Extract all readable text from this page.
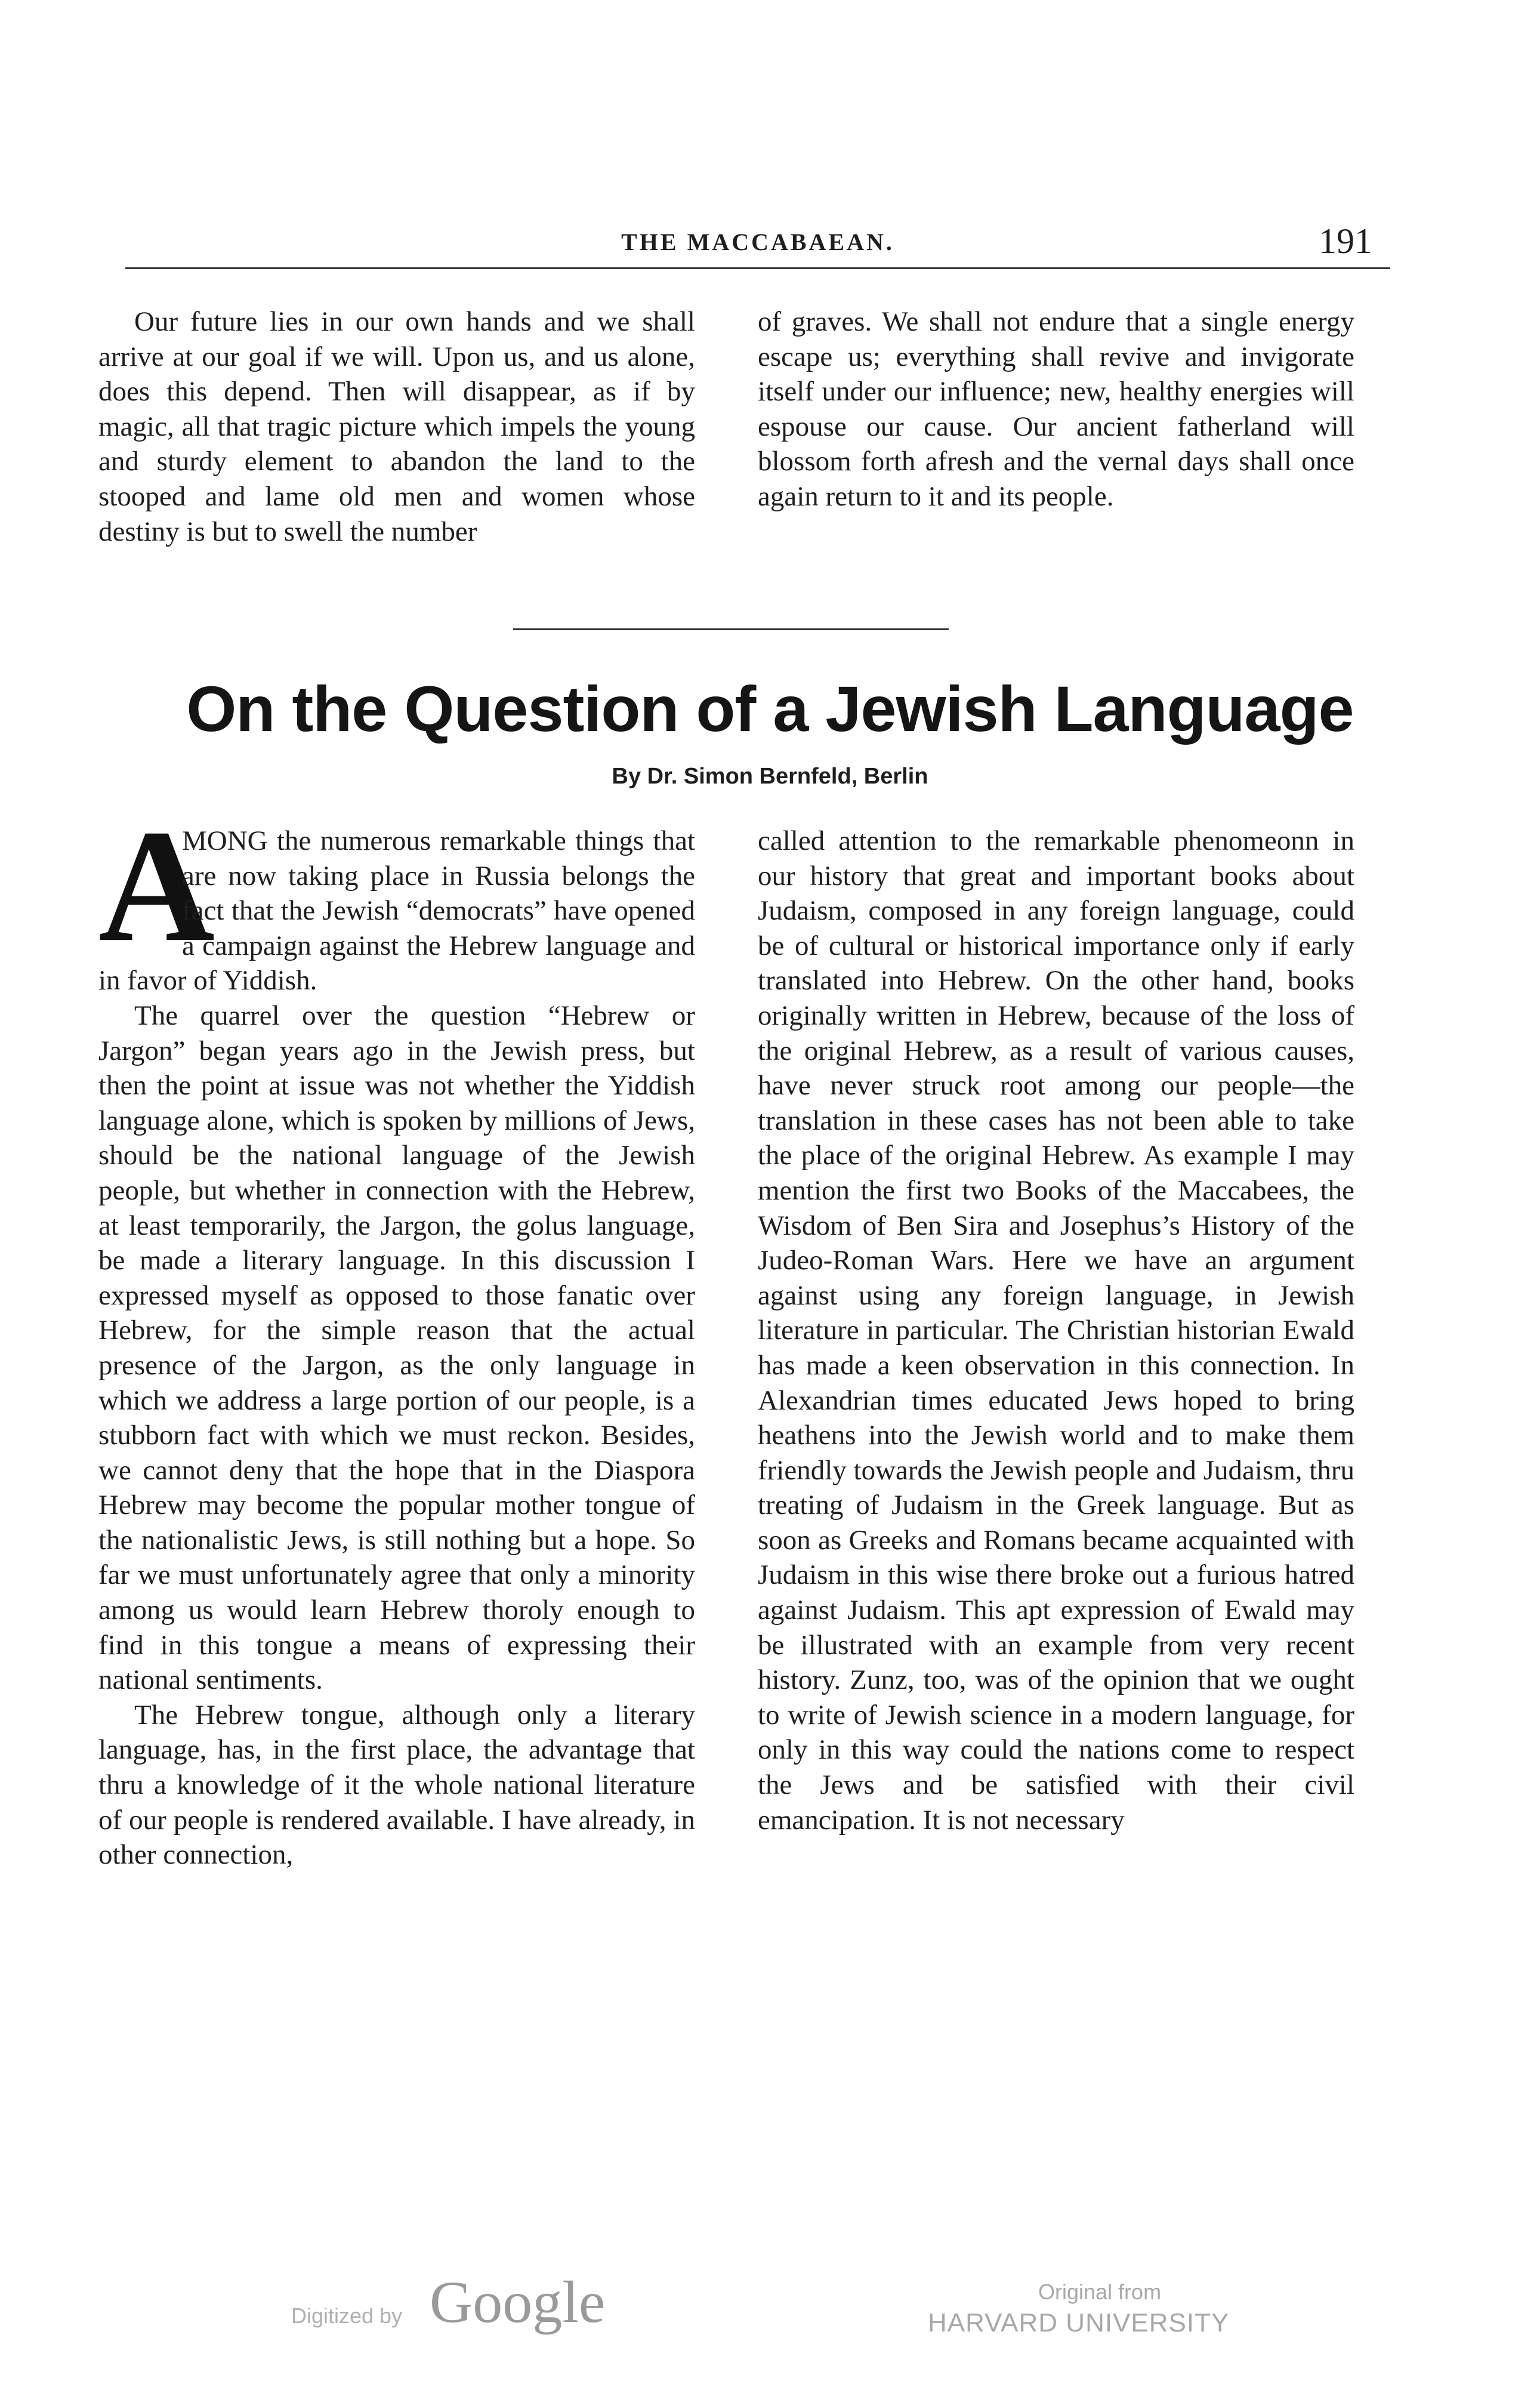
THE MACCABAEAN.	191

Our future lies in our own hands and we shall arrive at our goal if we will. Upon us, and us alone, does this depend. Then will disappear, as if by magic, all that tragic picture which impels the young and sturdy element to abandon the land to the stooped and lame old men and women whose destiny is but to swell the number

of graves. We shall not endure that a single energy escape us; everything shall revive and invigorate itself under our influence; new, healthy energies will espouse our cause. Our ancient fatherland will blossom forth afresh and the vernal days shall once again return to it and its people.

On the Question of a Jewish Language
By Dr. Simon Bernfeld, Berlin
A

MONG the numerous remarkable things that are now taking place in Russia belongs the fact that the Jewish “democrats” have opened a campaign against the Hebrew language and in favor of Yiddish.

The quarrel over the question “Hebrew or Jargon” began years ago in the Jewish press, but then the point at issue was not whether the Yiddish language alone, which is spoken by millions of Jews, should be the national language of the Jewish people, but whether in connection with the Hebrew, at least temporarily, the Jargon, the golus language, be made a literary language. In this discussion I expressed myself as opposed to those fanatic over Hebrew, for the simple reason that the actual presence of the Jargon, as the only language in which we address a large portion of our people, is a stubborn fact with which we must reckon. Besides, we cannot deny that the hope that in the Diaspora Hebrew may become the popular mother tongue of the nationalistic Jews, is still nothing but a hope. So far we must unfortunately agree that only a minority among us would learn Hebrew thoroly enough to find in this tongue a means of expressing their national sentiments.

The Hebrew tongue, although only a literary language, has, in the first place, the advantage that thru a knowledge of it the whole national literature of our people is rendered available. I have already, in other connection,

called attention to the remarkable phenomeonn in our history that great and important books about Judaism, composed in any foreign language, could be of cultural or historical importance only if early translated into Hebrew. On the other hand, books originally written in Hebrew, because of the loss of the original Hebrew, as a result of various causes, have never struck root among our people—the translation in these cases has not been able to take the place of the original Hebrew. As example I may mention the first two Books of the Maccabees, the Wisdom of Ben Sira and Josephus’s History of the Judeo-Roman Wars. Here we have an argument against using any foreign language, in Jewish literature in particular. The Christian historian Ewald has made a keen observation in this connection. In Alexandrian times educated Jews hoped to bring heathens into the Jewish world and to make them friendly towards the Jewish people and Judaism, thru treating of Judaism in the Greek language. But as soon as Greeks and Romans became acquainted with Judaism in this wise there broke out a furious hatred against Judaism. This apt expression of Ewald may be illustrated with an example from very recent history. Zunz, too, was of the opinion that we ought to write of Jewish science in a modern language, for only in this way could the nations come to respect the Jews and be satisfied with their civil emancipation. It is not necessary

Digitized by Google	Original from
HARVARD UNIVERSITY
